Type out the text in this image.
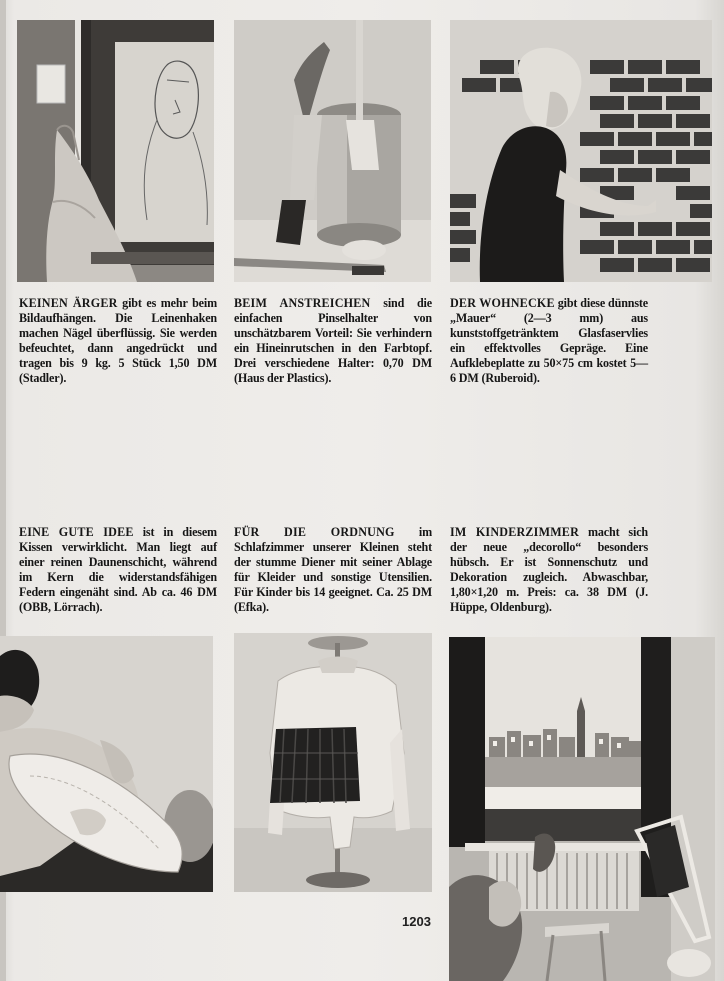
KEINEN ÄRGER gibt es mehr beim Bildaufhängen. Die Leinenhaken machen Nägel überflüssig. Sie werden befeuchtet, dann angedrückt und tragen bis 9 kg. 5 Stück 1,50 DM (Stadler).
BEIM ANSTREICHEN sind die einfachen Pinselhalter von unschätzbarem Vorteil: Sie verhindern ein Hineinrutschen in den Farbtopf. Drei verschiedene Halter: 0,70 DM (Haus der Plastics).
DER WOHNECKE gibt diese dünnste „Mauer“ (2—3 mm) aus kunststoffgetränktem Glasfaservlies ein effektvolles Gepräge. Eine Aufklebeplatte zu 50×75 cm kostet 5—6 DM (Ruberoid).
EINE GUTE IDEE ist in diesem Kissen verwirklicht. Man liegt auf einer reinen Daunenschicht, während im Kern die widerstandsfähigen Federn eingenäht sind. Ab ca. 46 DM (OBB, Lörrach).
FÜR DIE ORDNUNG im Schlafzimmer unserer Kleinen steht der stumme Diener mit seiner Ablage für Kleider und sonstige Utensilien. Für Kinder bis 14 geeignet. Ca. 25 DM (Efka).
IM KINDERZIMMER macht sich der neue „decorollo“ besonders hübsch. Er ist Sonnenschutz und Dekoration zugleich. Abwaschbar, 1,80×1,20 m. Preis: ca. 38 DM (J. Hüppe, Oldenburg).
1203
